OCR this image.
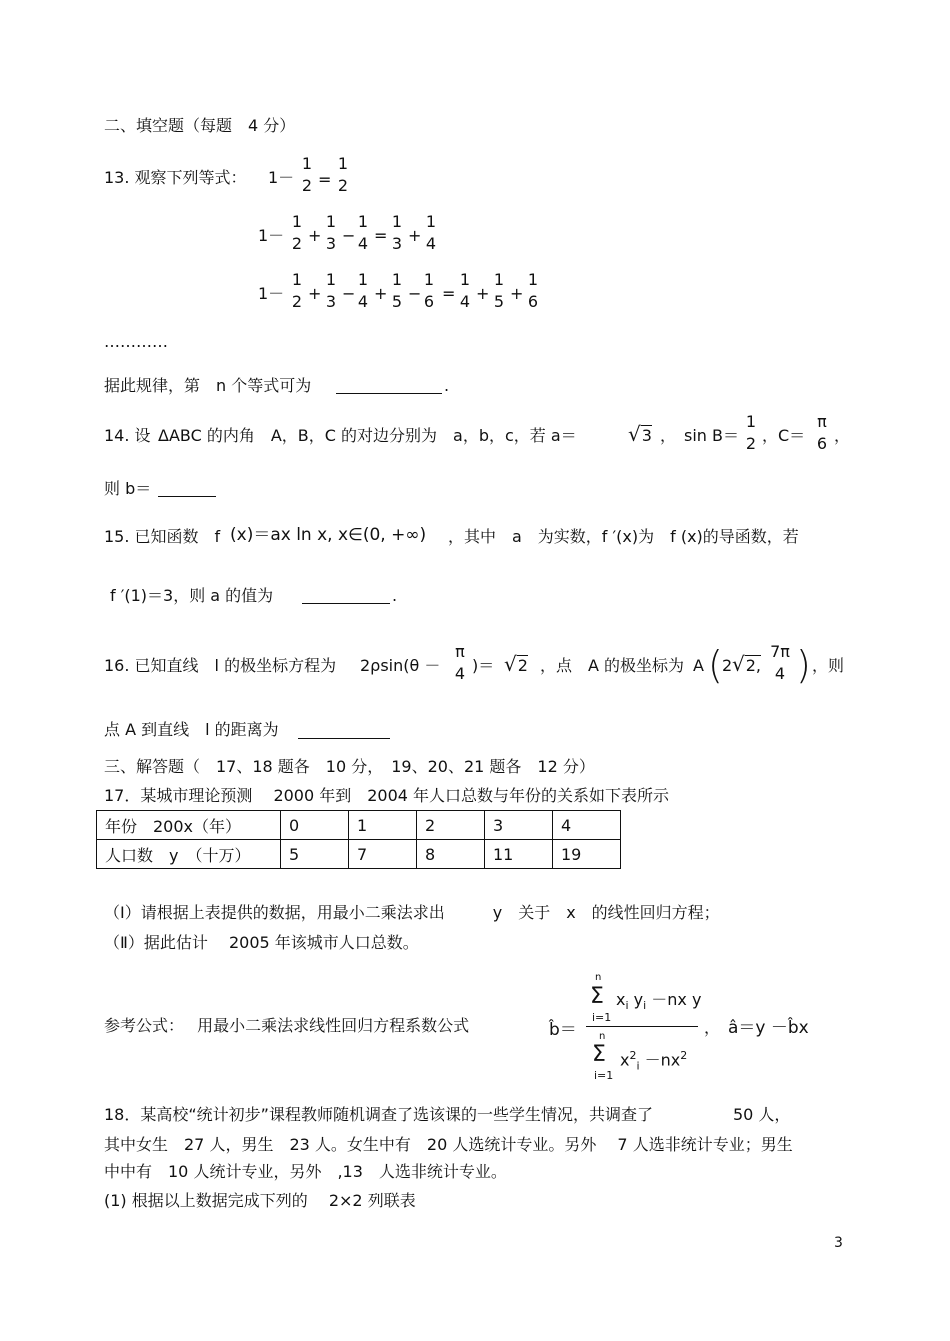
二、填空题（每题　4 分）
13. 观察下列等式： 1－
1
2 =
1
2
1－
1
2 +
1
3 −
1
4 =
1
3 +
1
4
1－
1
2 +
1
3 −
1
4 +
1
5 −
1
6 =
1
4 +
1
5 +
1
6
…………
据此规律，第　n 个等式可为	.
14. 设 ΔABC 的内角　A，B，C 的对边分别为　a，b，c，若 a＝	√3 ，　sin B＝
1
2 ，C＝
π
6 ，
则 b＝
15. 已知函数　f (x)＝ax ln x, x∈(0, +∞) ，其中　a　为实数，f ′(x)为　f (x)的导函数，若
f ′(1)＝3，则 a 的值为	.
16. 已知直线　l 的极坐标方程为 2ρsin(θ －
π
4 )＝ √2 ，点　A 的极坐标为 A ( 2 √2,
7π
4 ) ，则
点 A 到直线　l 的距离为
三、解答题（　17、18 题各　10 分，　19、20、21 题各　12 分）
17．某城市理论预测　 2000 年到　2004 年人口总数与年份的关系如下表所示
年份　200x（年）	0	1	2	3	4
人口数　y　（十万）	5	7	8	11	19
（Ⅰ）请根据上表提供的数据，用最小二乘法求出　　　y　关于　x　的线性回归方程；
（Ⅱ）据此估计　 2005 年该城市人口总数。
参考公式：　 用最小二乘法求线性回归方程系数公式	b̂＝
n
Σ
i=1
$x_i$ $y_i -nx$ y
n
Σ
i=1
$x^2_i -nx^2$
， â＝y －b̂x
18．某高校“统计初步”课程教师随机调查了选该课的一些学生情况，共调查了　　　　　50 人，
其中女生　27 人，男生　23 人。女生中有　20 人选统计专业。另外　 7 人选非统计专业；男生
中中有　10 人统计专业，另外　,13　人选非统计专业。
(1) 根据以上数据完成下列的　 2×2 列联表
3
